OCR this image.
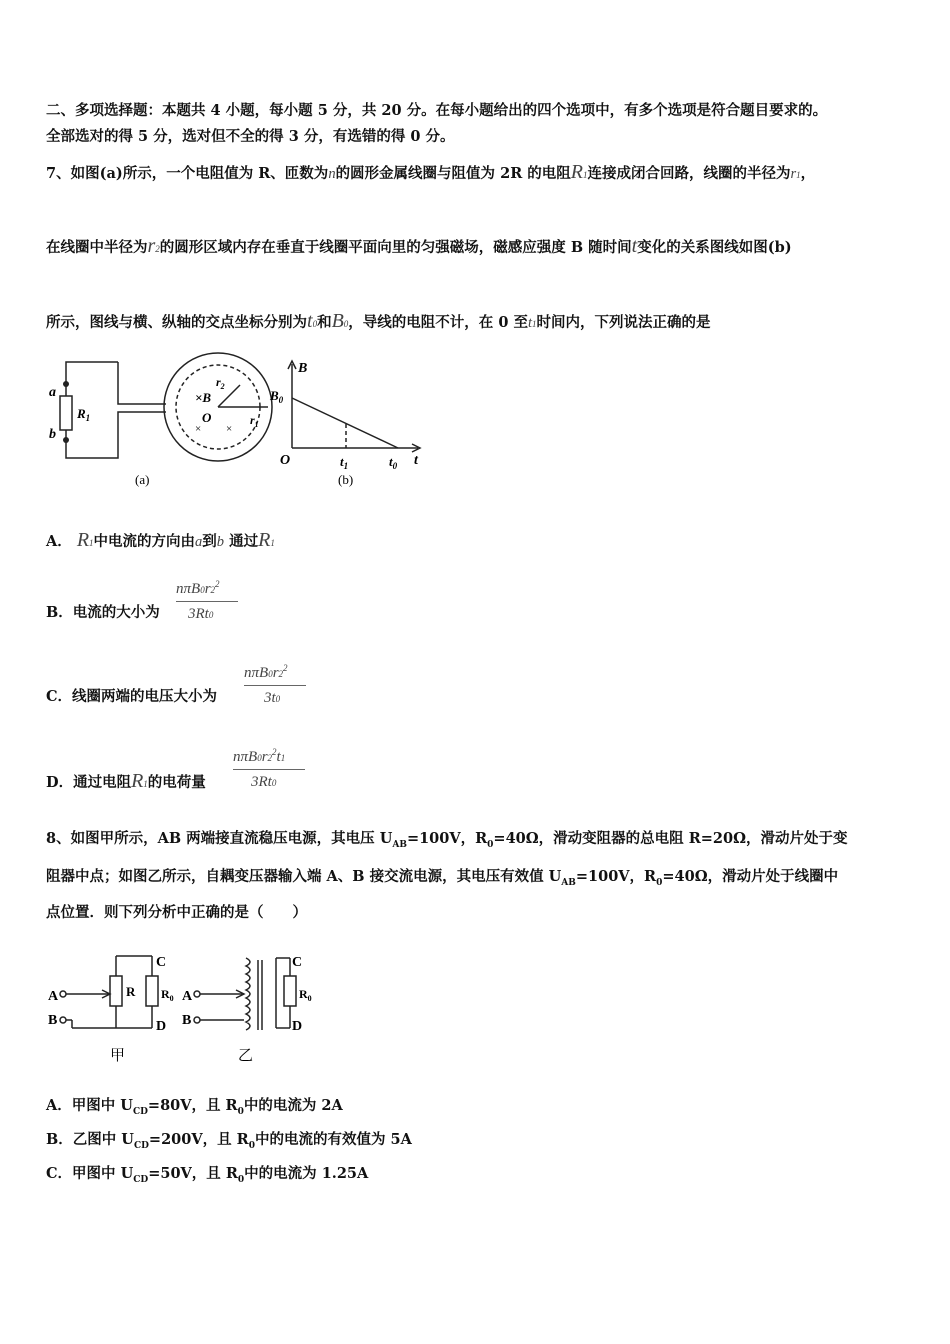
二、多项选择题：本题共 4 小题，每小题 5 分，共 20 分。在每小题给出的四个选项中，有多个选项是符合题目要求的。
全部选对的得 5 分，选对但不全的得 3 分，有选错的得 0 分。
7、如图(a)所示，一个电阻值为 R、匝数为n的圆形金属线圈与阻值为 2R 的电阻R1连接成闭合回路，线圈的半径为r1，
在线圈中半径为r2的圆形区域内存在垂直于线圈平面向里的匀强磁场，磁感应强度 B 随时间t变化的关系图线如图(b)
所示，图线与横、纵轴的交点坐标分别为t0和B0，导线的电阻不计，在 0 至t1时间内，下列说法正确的是
a
b
$R_1$
×B
O
$r_2$
$r_1$
× ×
(a)
B
$B_0$
O	$t_1$	$t_0$ t
(b)
A． R1中电流的方向由a到b 通过R1
B．电流的大小为
$n\pi B0r2^2$
3Rt0
C．线圈两端的电压大小为
$n\pi B0r2^2$
3t0
D．通过电阻R1的电荷量
$n\pi B0r2^2t1$
3Rt0
8、如图甲所示，AB 两端接直流稳压电源，其电压 $U_{AB}=100V$，$R_0=40\Omega$，滑动变阻器的总电阻 R=20Ω，滑动片处于变
阻器中点；如图乙所示，自耦变压器输入端 A、B 接交流电源，其电压有效值 $U_{AB}=100V$，$R_0=40\Omega$，滑动片处于线圈中
点位置．则下列分析中正确的是（　　）
A
B
C
D
R $R_0$
甲
A
B
C
D
$R_0$
乙
A．甲图中 $U_{CD}=80V$，且 $R_0$中的电流为 2A
B．乙图中 $U_{CD}=200V$，且 $R_0$中的电流的有效值为 5A
C．甲图中 $U_{CD}=50V$，且 $R_0$中的电流为 1.25A
